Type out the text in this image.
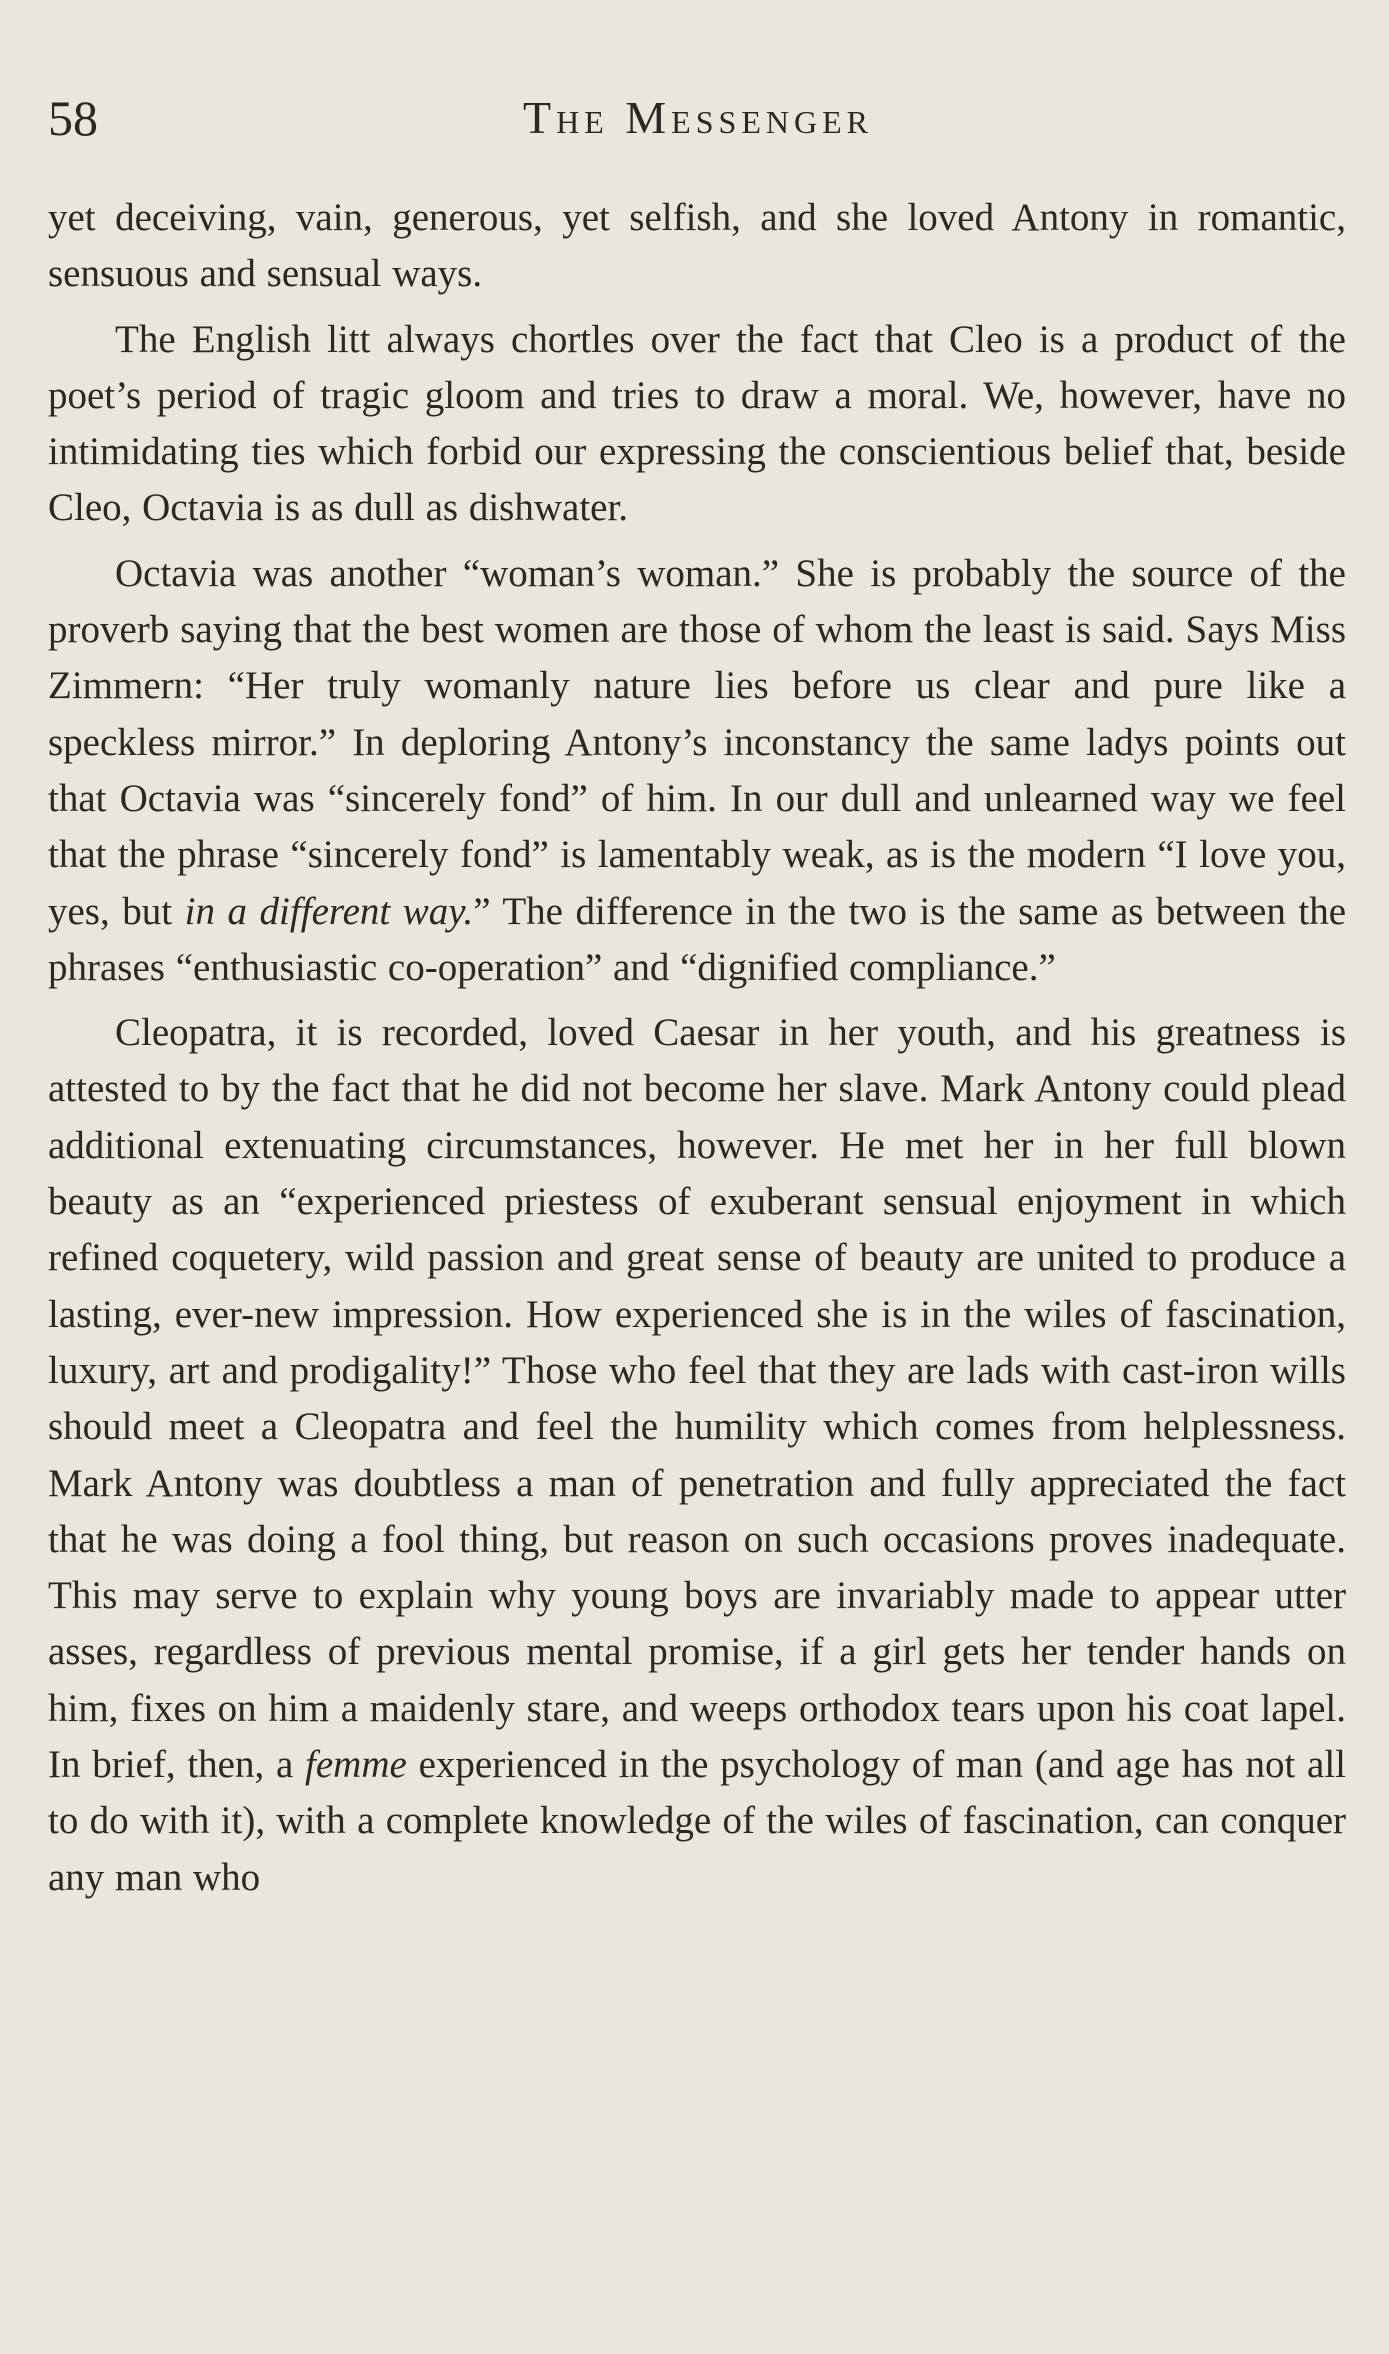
58	The Messenger

yet deceiving, vain, generous, yet selfish, and she loved Antony in romantic, sensuous and sensual ways.

The English litt always chortles over the fact that Cleo is a product of the poet’s period of tragic gloom and tries to draw a moral. We, however, have no intimidating ties which forbid our expressing the conscientious belief that, beside Cleo, Octavia is as dull as dishwater.

Octavia was another “woman’s woman.” She is probably the source of the proverb saying that the best women are those of whom the least is said. Says Miss Zimmern: “Her truly womanly nature lies before us clear and pure like a speckless mirror.” In deploring Antony’s inconstancy the same ladys points out that Octavia was “sincerely fond” of him. In our dull and unlearned way we feel that the phrase “sincerely fond” is lamentably weak, as is the modern “I love you, yes, but in a different way.” The difference in the two is the same as between the phrases “enthusiastic co-operation” and “dignified compliance.”

Cleopatra, it is recorded, loved Caesar in her youth, and his greatness is attested to by the fact that he did not become her slave. Mark Antony could plead additional extenuating circumstances, however. He met her in her full blown beauty as an “experienced priestess of exuberant sensual enjoyment in which refined coquetery, wild passion and great sense of beauty are united to produce a lasting, ever-new impression. How experienced she is in the wiles of fascination, luxury, art and prodigality!” Those who feel that they are lads with cast-iron wills should meet a Cleopatra and feel the humility which comes from helplessness. Mark Antony was doubtless a man of penetration and fully appreciated the fact that he was doing a fool thing, but reason on such occasions proves inadequate. This may serve to explain why young boys are invariably made to appear utter asses, regardless of previous mental promise, if a girl gets her tender hands on him, fixes on him a maidenly stare, and weeps orthodox tears upon his coat lapel. In brief, then, a femme experienced in the psychology of man (and age has not all to do with it), with a complete knowledge of the wiles of fascination, can conquer any man who
